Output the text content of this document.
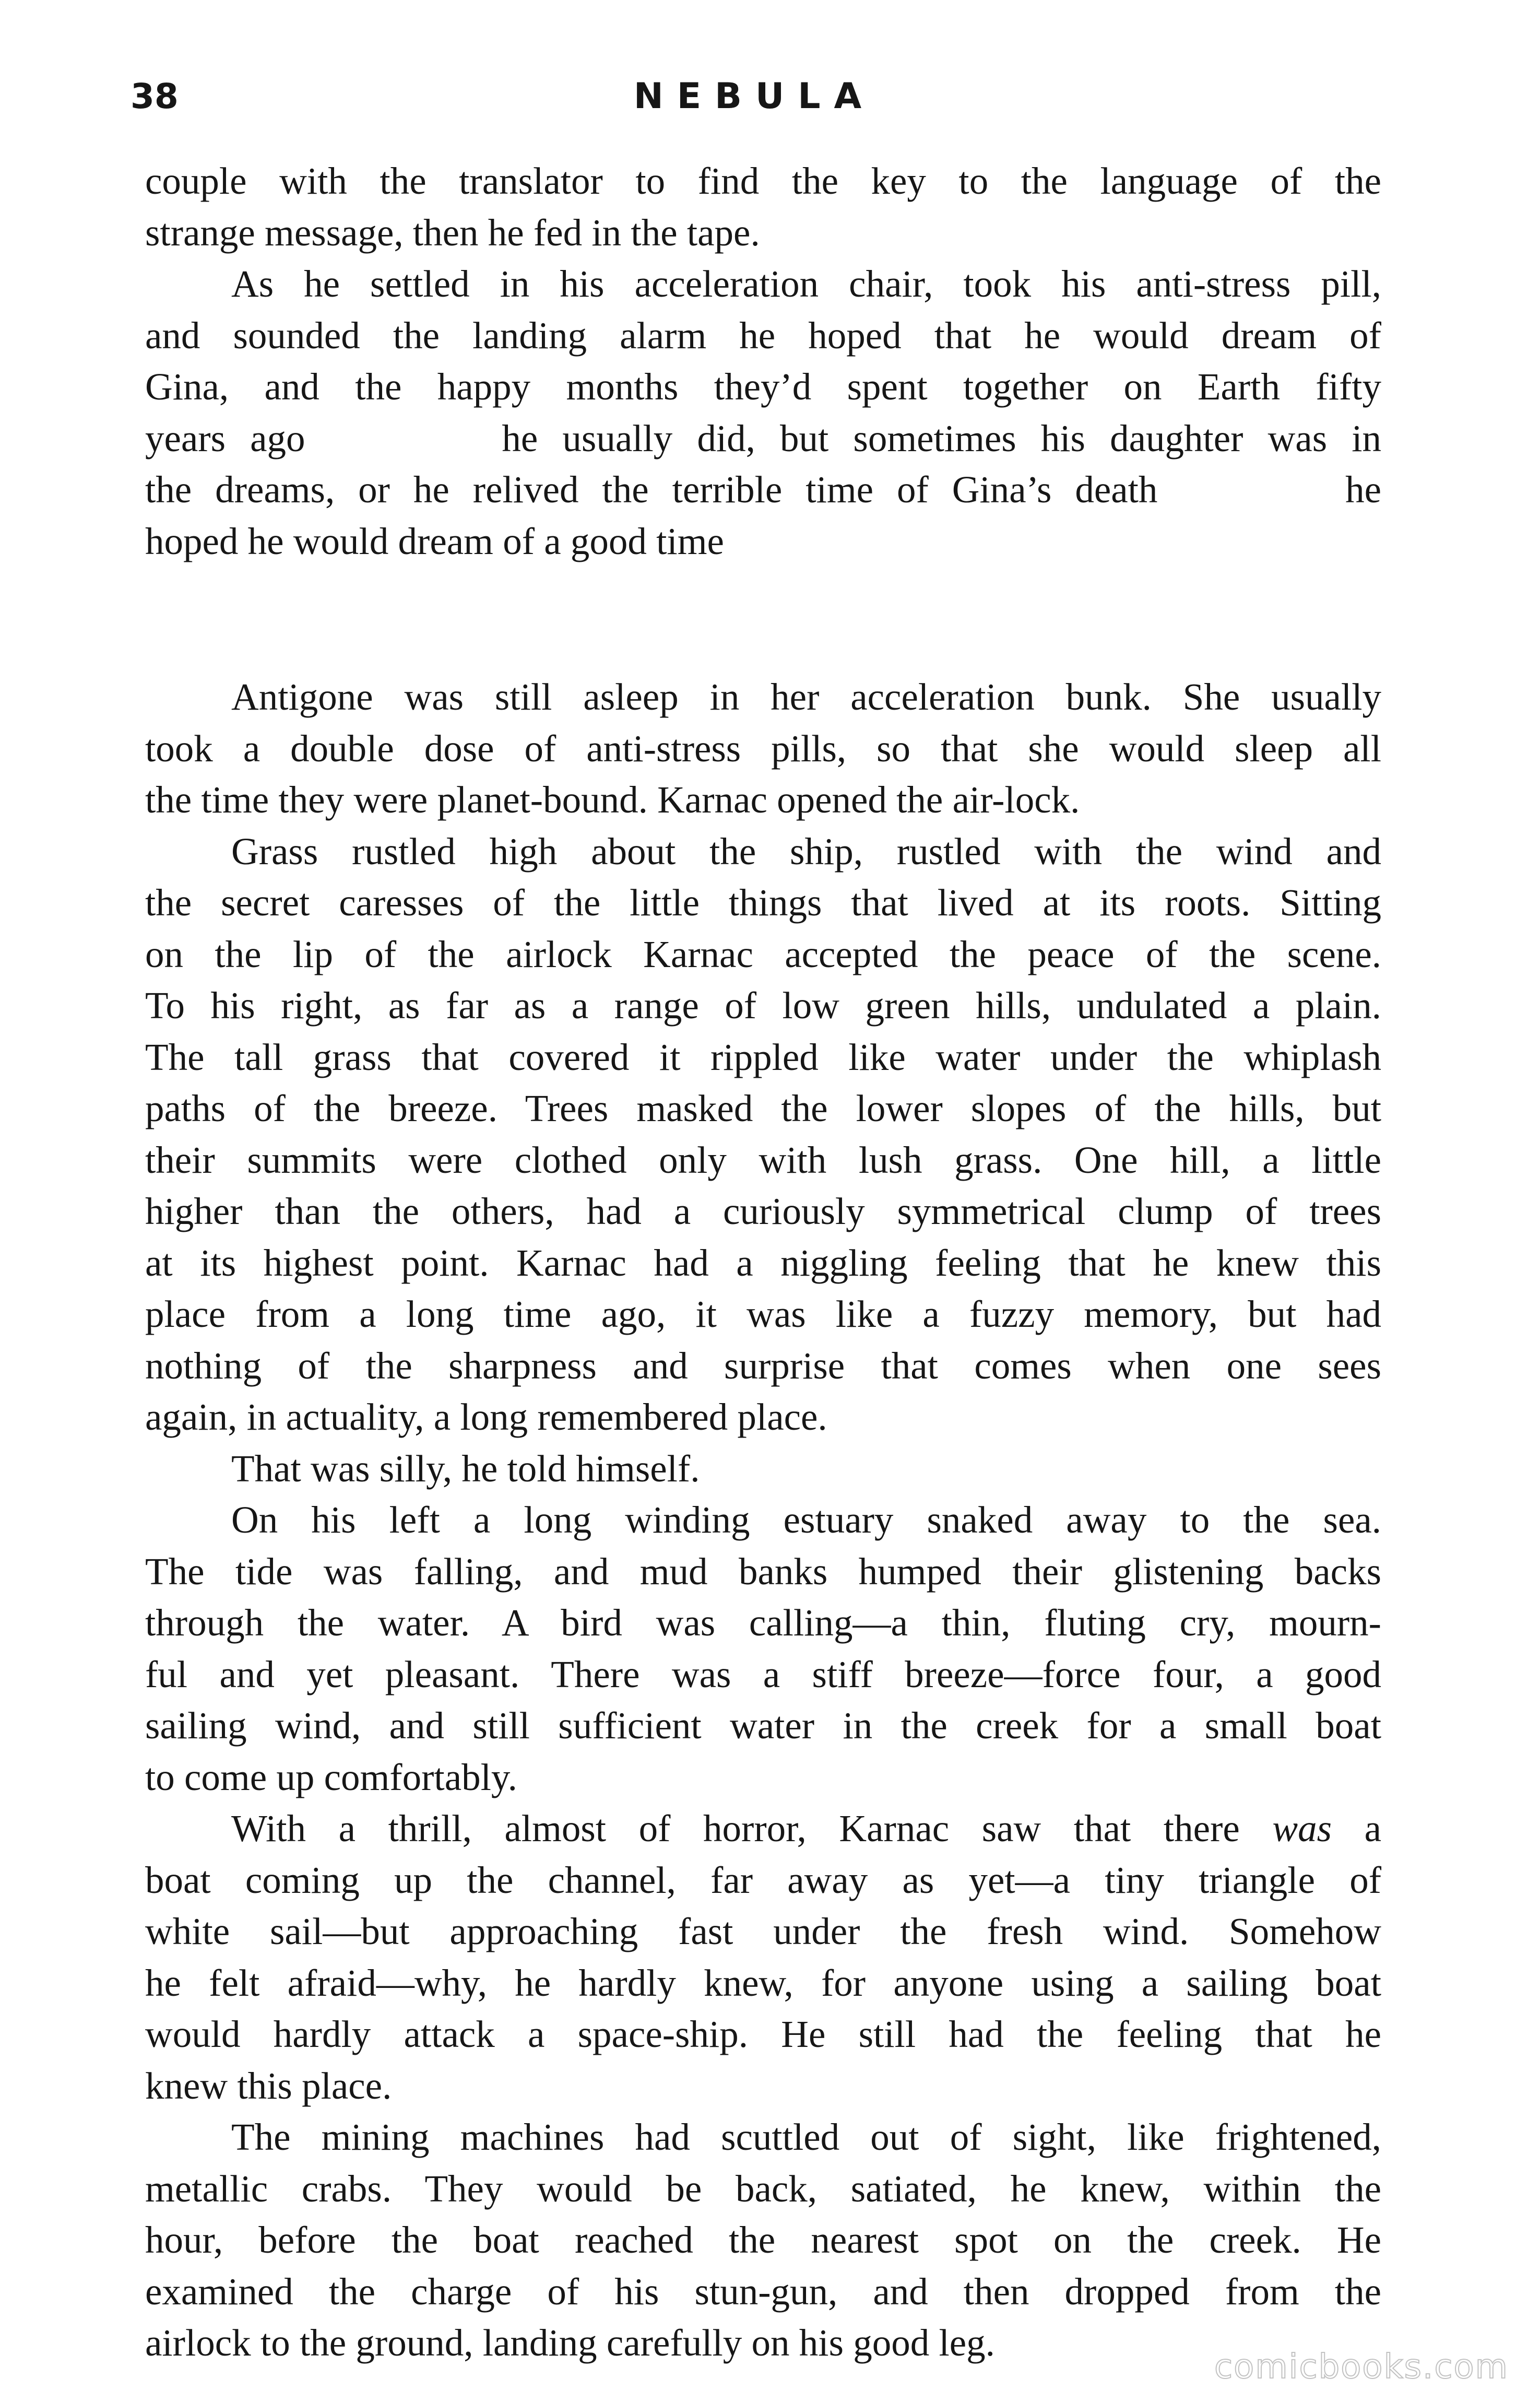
38	NEBULA
couple with the translator to find the key to the language of the
strange message, then he fed in the tape.
As he settled in his acceleration chair, took his anti-stress pill,
and sounded the landing alarm he hoped that he would dream of
Gina, and the happy months they’d spent together on Earth fifty
years ago        he usually did, but sometimes his daughter was in
the dreams, or he relived the terrible time of Gina’s death        he
hoped he would dream of a good time
Antigone was still asleep in her acceleration bunk. She usually
took a double dose of anti-stress pills, so that she would sleep all
the time they were planet-bound. Karnac opened the air-lock.
Grass rustled high about the ship, rustled with the wind and
the secret caresses of the little things that lived at its roots. Sitting
on the lip of the airlock Karnac accepted the peace of the scene.
To his right, as far as a range of low green hills, undulated a plain.
The tall grass that covered it rippled like water under the whiplash
paths of the breeze. Trees masked the lower slopes of the hills, but
their summits were clothed only with lush grass. One hill, a little
higher than the others, had a curiously symmetrical clump of trees
at its highest point. Karnac had a niggling feeling that he knew this
place from a long time ago, it was like a fuzzy memory, but had
nothing of the sharpness and surprise that comes when one sees
again, in actuality, a long remembered place.
That was silly, he told himself.
On his left a long winding estuary snaked away to the sea.
The tide was falling, and mud banks humped their glistening backs
through the water. A bird was calling—a thin, fluting cry, mourn-
ful and yet pleasant. There was a stiff breeze—force four, a good
sailing wind, and still sufficient water in the creek for a small boat
to come up comfortably.
With a thrill, almost of horror, Karnac saw that there was a
boat coming up the channel, far away as yet—a tiny triangle of
white sail—but approaching fast under the fresh wind. Somehow
he felt afraid—why, he hardly knew, for anyone using a sailing boat
would hardly attack a space-ship. He still had the feeling that he
knew this place.
The mining machines had scuttled out of sight, like frightened,
metallic crabs. They would be back, satiated, he knew, within the
hour, before the boat reached the nearest spot on the creek. He
examined the charge of his stun-gun, and then dropped from the
airlock to the ground, landing carefully on his good leg.
comicbooks.com
